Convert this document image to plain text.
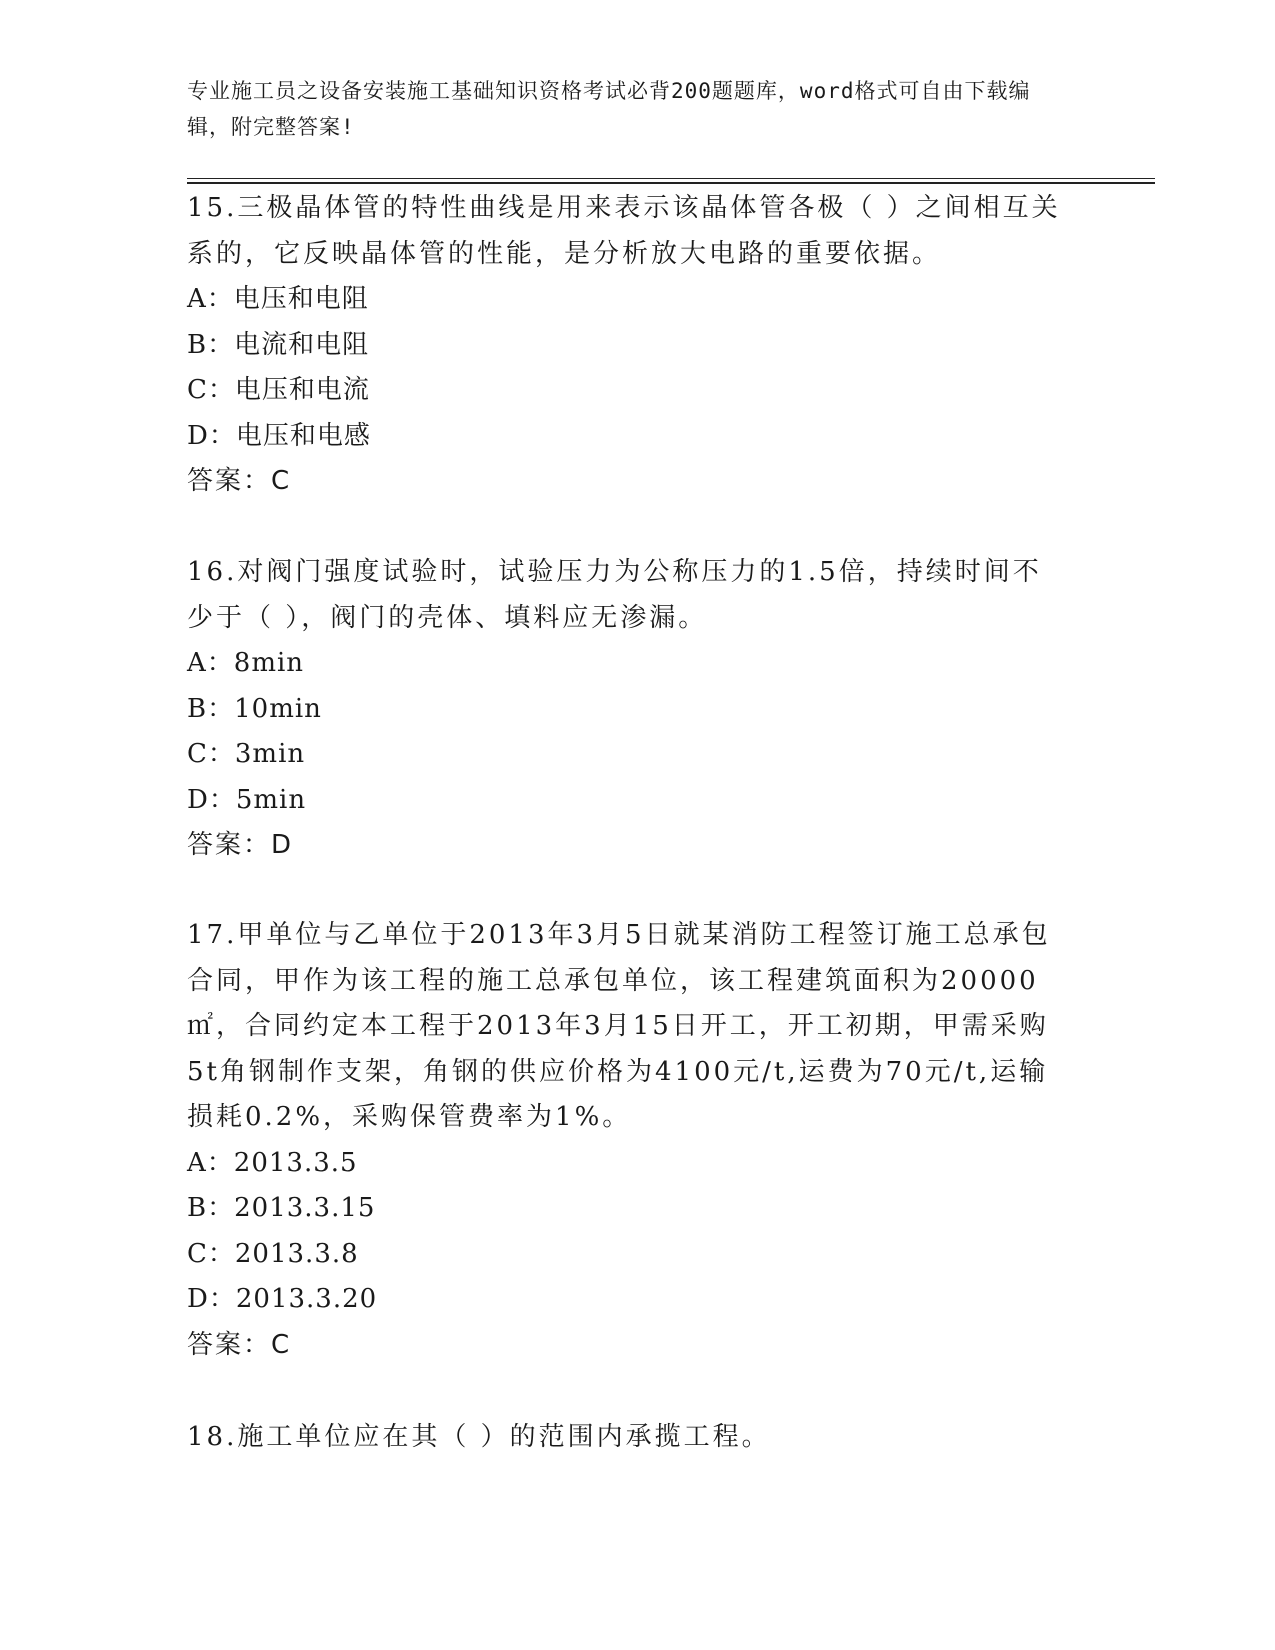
专业施工员之设备安装施工基础知识资格考试必背200题题库，word格式可自由下载编辑，附完整答案!

15.三极晶体管的特性曲线是用来表示该晶体管各极（ ）之间相互关系的，它反映晶体管的性能，是分析放大电路的重要依据。

A：电压和电阻

B：电流和电阻

C：电压和电流

D：电压和电感

答案：C

16.对阀门强度试验时，试验压力为公称压力的1.5倍，持续时间不少于（ ），阀门的壳体、填料应无渗漏。

A：8min

B：10min

C：3min

D：5min

答案：D

17.甲单位与乙单位于2013年3月5日就某消防工程签订施工总承包合同，甲作为该工程的施工总承包单位，该工程建筑面积为20000㎡，合同约定本工程于2013年3月15日开工，开工初期，甲需采购5t角钢制作支架，角钢的供应价格为4100元/t,运费为70元/t,运输损耗0.2%，采购保管费率为1%。

A：2013.3.5

B：2013.3.15

C：2013.3.8

D：2013.3.20

答案：C

18.施工单位应在其（ ）的范围内承揽工程。
